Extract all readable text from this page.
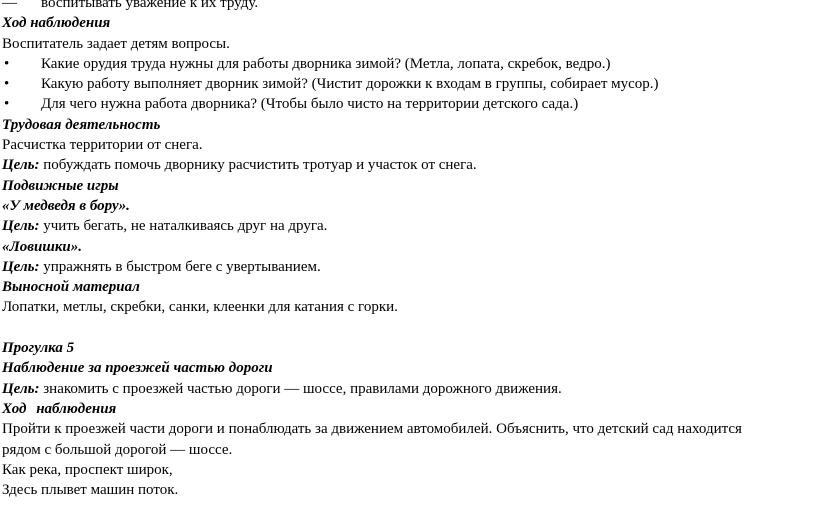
— воспитывать уважение к их труду.
Ход наблюдения
Воспитатель задает детям вопросы.
• Какие орудия труда нужны для работы дворника зимой? (Метла, лопата, скребок, ведро.)
• Какую работу выполняет дворник зимой? (Чистит дорожки к входам в группы, собирает мусор.)
• Для чего нужна работа дворника? (Чтобы было чисто на территории детского сада.)
Трудовая деятельность
Расчистка территории от снега.
Цель: побуждать помочь дворнику расчистить тротуар и участок от снега.
Подвижные игры
«У медведя в бору».
Цель: учить бегать, не наталкиваясь друг на друга.
«Ловишки».
Цель: упражнять в быстром беге с увертыванием.
Выносной материал
Лопатки, метлы, скребки, санки, клеенки для катания с горки.
Прогулка 5
Наблюдение за проезжей частью дороги
Цель: знакомить с проезжей частью дороги — шоссе, правилами дорожного движения.
Ход наблюдения
Пройти к проезжей части дороги и понаблюдать за движением автомобилей. Объяснить, что детский сад находится
рядом с большой дорогой — шоссе.
Как река, проспект широк,
Здесь плывет машин поток.
